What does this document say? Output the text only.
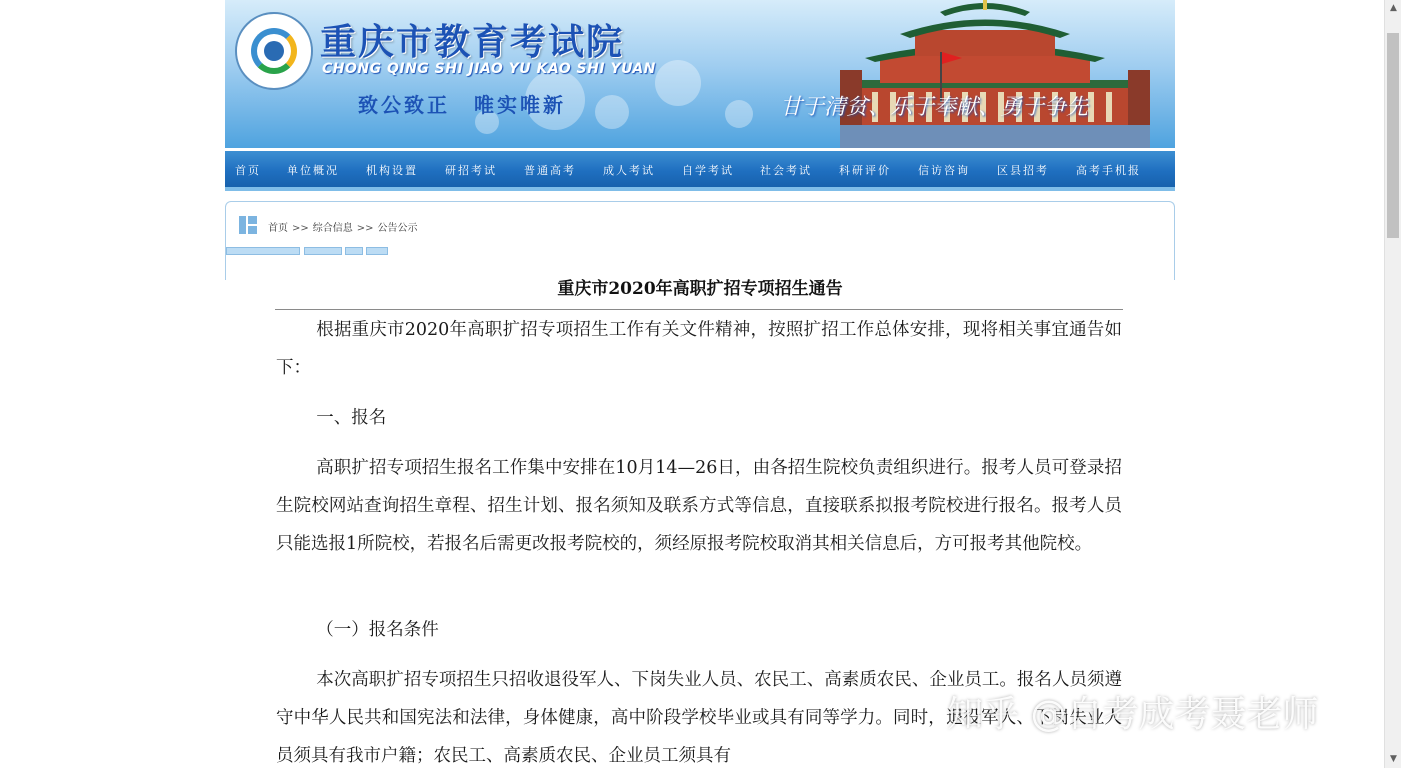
重庆市教育考试院
CHONG QING SHI JIAO YU KAO SHI YUAN
致公致正 唯实唯新	甘于清贫、乐于奉献、勇于争先
首页 单位概况 机构设置 研招考试 普通高考 成人考试 自学考试 社会考试 科研评价 信访咨询 区县招考 高考手机报
首页 >> 综合信息 >> 公告公示
重庆市2020年高职扩招专项招生通告
根据重庆市2020年高职扩招专项招生工作有关文件精神，按照扩招工作总体安排，现将相关事宜通告如下：
一、报名
高职扩招专项招生报名工作集中安排在10月14—26日，由各招生院校负责组织进行。报考人员可登录招生院校网站查询招生章程、招生计划、报名须知及联系方式等信息，直接联系拟报考院校进行报名。报考人员只能选报1所院校，若报名后需更改报考院校的，须经原报考院校取消其相关信息后，方可报考其他院校。
（一）报名条件
本次高职扩招专项招生只招收退役军人、下岗失业人员、农民工、高素质农民、企业员工。报名人员须遵守中华人民共和国宪法和法律，身体健康，高中阶段学校毕业或具有同等学力。同时，退役军人、下岗失业人员须具有我市户籍；农民工、高素质农民、企业员工须具有
知乎 @自考成考聂老师
▲
▼
